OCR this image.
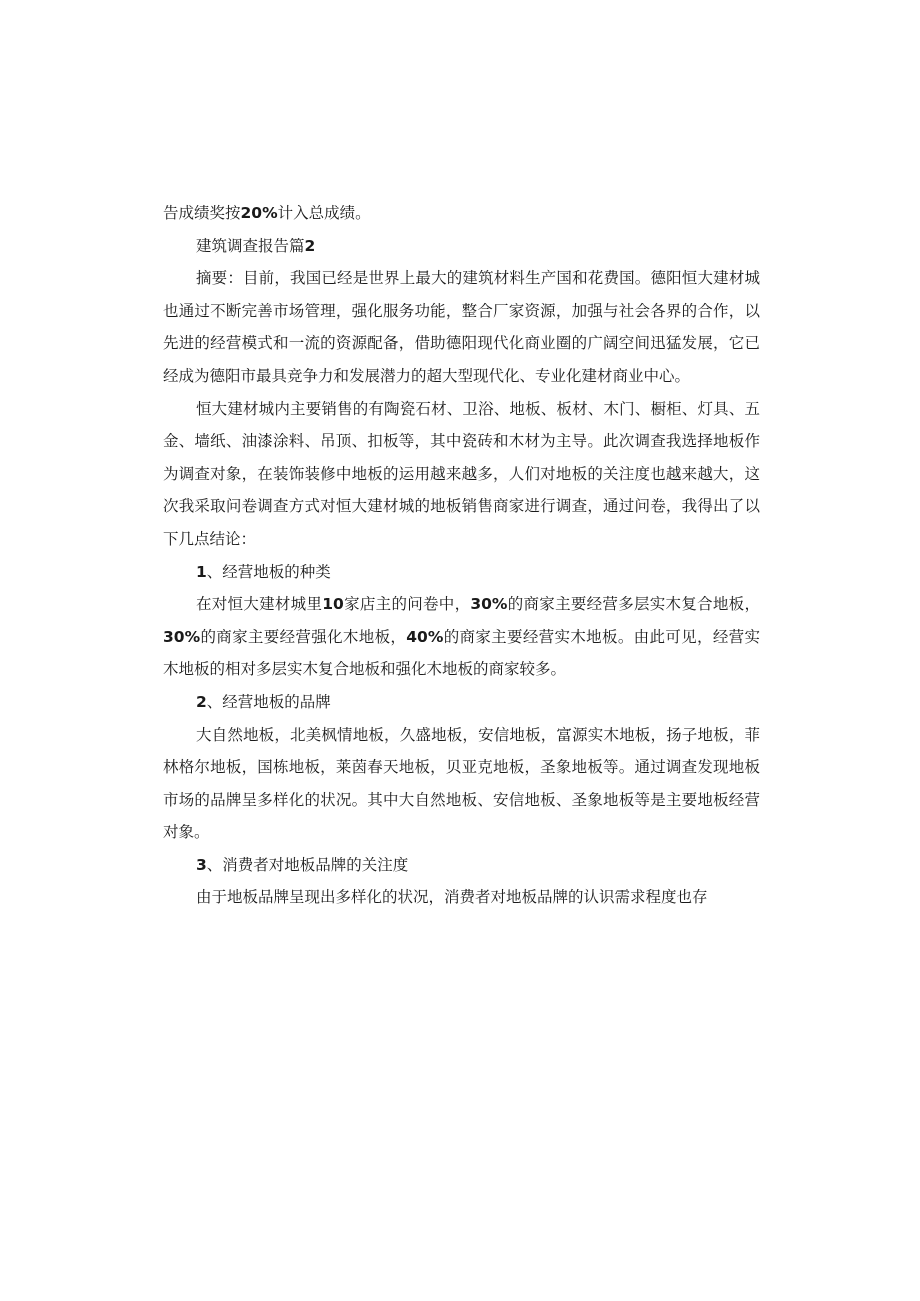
告成绩奖按20%计入总成绩。

建筑调查报告篇2

摘要：目前，我国已经是世界上最大的建筑材料生产国和花费国。德阳恒大建材城也通过不断完善市场管理，强化服务功能，整合厂家资源，加强与社会各界的合作，以先进的经营模式和一流的资源配备，借助德阳现代化商业圈的广阔空间迅猛发展，它已经成为德阳市最具竞争力和发展潜力的超大型现代化、专业化建材商业中心。

恒大建材城内主要销售的有陶瓷石材、卫浴、地板、板材、木门、橱柜、灯具、五金、墙纸、油漆涂料、吊顶、扣板等，其中瓷砖和木材为主导。此次调查我选择地板作为调查对象，在装饰装修中地板的运用越来越多，人们对地板的关注度也越来越大，这次我采取问卷调查方式对恒大建材城的地板销售商家进行调查，通过问卷，我得出了以下几点结论：

1、经营地板的种类

在对恒大建材城里10家店主的问卷中，30%的商家主要经营多层实木复合地板，30%的商家主要经营强化木地板，40%的商家主要经营实木地板。由此可见，经营实木地板的相对多层实木复合地板和强化木地板的商家较多。

2、经营地板的品牌

大自然地板，北美枫情地板，久盛地板，安信地板，富源实木地板，扬子地板，菲林格尔地板，国栋地板，莱茵春天地板，贝亚克地板，圣象地板等。通过调查发现地板市场的品牌呈多样化的状况。其中大自然地板、安信地板、圣象地板等是主要地板经营对象。

3、消费者对地板品牌的关注度

由于地板品牌呈现出多样化的状况，消费者对地板品牌的认识需求程度也存
